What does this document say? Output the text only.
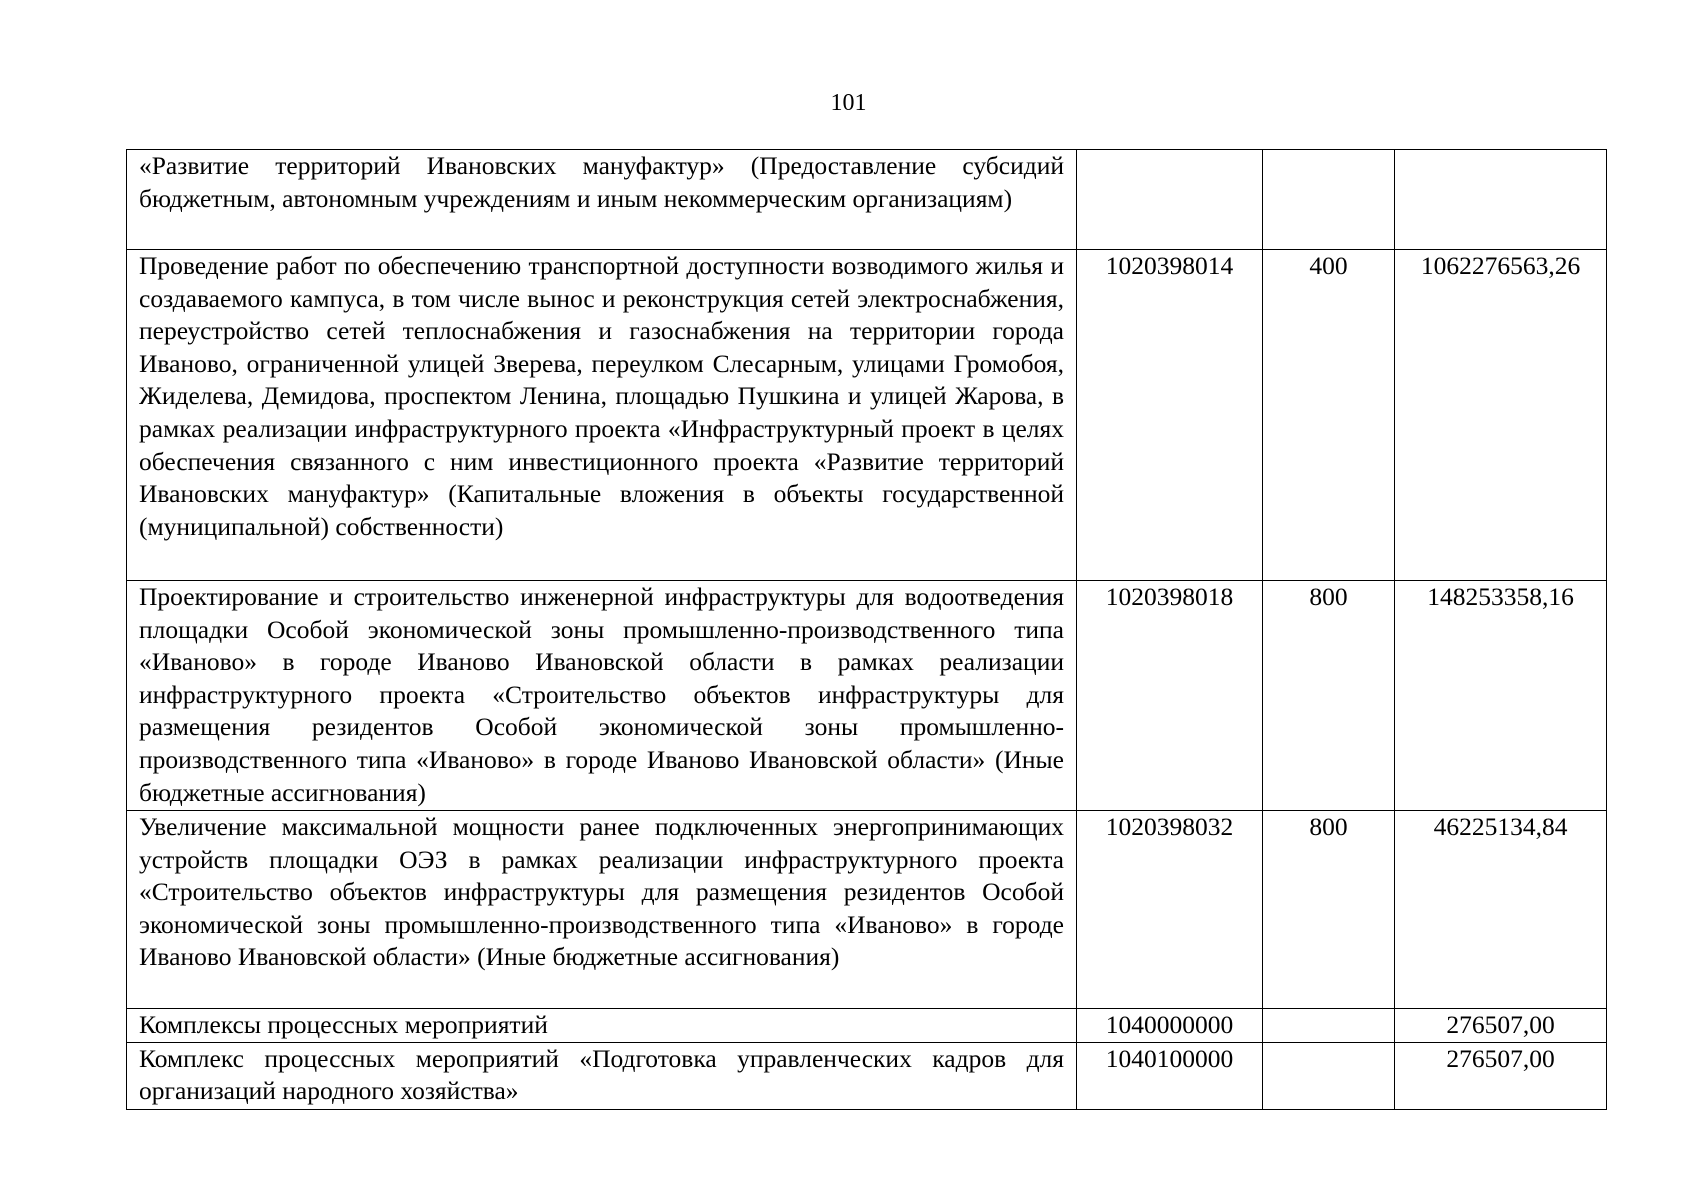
101
«Развитие территорий Ивановских мануфактур» (Предоставление субсидий бюджетным, автономным учреждениям и иным некоммерческим организациям)			
Проведение работ по обеспечению транспортной доступности возводимого жилья и создаваемого кампуса, в том числе вынос и реконструкция сетей электроснабжения, переустройство сетей теплоснабжения и газоснабжения на территории города Иваново, ограниченной улицей Зверева, переулком Слесарным, улицами Громобоя, Жиделева, Демидова, проспектом Ленина, площадью Пушкина и улицей Жарова, в рамках реализации инфраструктурного проекта «Инфраструктурный проект в целях обеспечения связанного с ним инвестиционного проекта «Развитие территорий Ивановских мануфактур» (Капитальные вложения в объекты государственной (муниципальной) собственности)	1020398014	400	1062276563,26
Проектирование и строительство инженерной инфраструктуры для водоотведения площадки Особой экономической зоны промышленно-производственного типа «Иваново» в городе Иваново Ивановской области в рамках реализации инфраструктурного проекта «Строительство объектов инфраструктуры для размещения резидентов Особой экономической зоны промышленно-производственного типа «Иваново» в городе Иваново Ивановской области» (Иные бюджетные ассигнования)	1020398018	800	148253358,16
Увеличение максимальной мощности ранее подключенных энергопринимающих устройств площадки ОЭЗ в рамках реализации инфраструктурного проекта «Строительство объектов инфраструктуры для размещения резидентов Особой экономической зоны промышленно-производственного типа «Иваново» в городе Иваново Ивановской области» (Иные бюджетные ассигнования)	1020398032	800	46225134,84
Комплексы процессных мероприятий	1040000000		276507,00
Комплекс процессных мероприятий «Подготовка управленческих кадров для организаций народного хозяйства»	1040100000		276507,00
